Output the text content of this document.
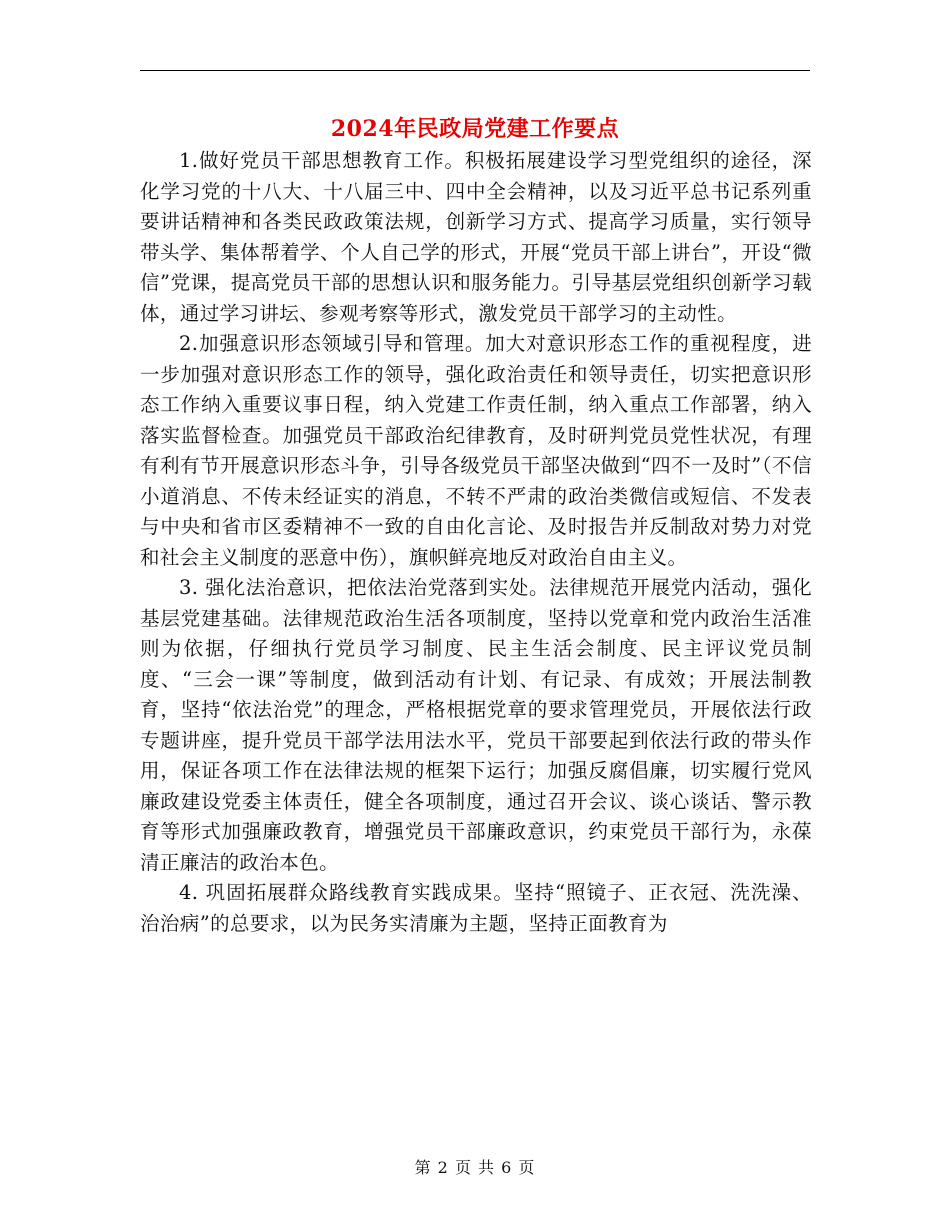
2024年民政局党建工作要点

1.做好党员干部思想教育工作。积极拓展建设学习型党组织的途径，深化学习党的十八大、十八届三中、四中全会精神，以及习近平总书记系列重要讲话精神和各类民政政策法规，创新学习方式、提高学习质量，实行领导带头学、集体帮着学、个人自己学的形式，开展“党员干部上讲台”，开设“微信”党课，提高党员干部的思想认识和服务能力。引导基层党组织创新学习载体，通过学习讲坛、参观考察等形式，激发党员干部学习的主动性。

2.加强意识形态领域引导和管理。加大对意识形态工作的重视程度，进一步加强对意识形态工作的领导，强化政治责任和领导责任，切实把意识形态工作纳入重要议事日程，纳入党建工作责任制，纳入重点工作部署，纳入落实监督检查。加强党员干部政治纪律教育，及时研判党员党性状况，有理有利有节开展意识形态斗争，引导各级党员干部坚决做到“四不一及时”（不信小道消息、不传未经证实的消息，不转不严肃的政治类微信或短信、不发表与中央和省市区委精神不一致的自由化言论、及时报告并反制敌对势力对党和社会主义制度的恶意中伤），旗帜鲜亮地反对政治自由主义。

3. 强化法治意识，把依法治党落到实处。法律规范开展党内活动，强化基层党建基础。法律规范政治生活各项制度，坚持以党章和党内政治生活准则为依据，仔细执行党员学习制度、民主生活会制度、民主评议党员制度、“三会一课”等制度，做到活动有计划、有记录、有成效；开展法制教育，坚持“依法治党”的理念，严格根据党章的要求管理党员，开展依法行政专题讲座，提升党员干部学法用法水平，党员干部要起到依法行政的带头作用，保证各项工作在法律法规的框架下运行；加强反腐倡廉，切实履行党风廉政建设党委主体责任，健全各项制度，通过召开会议、谈心谈话、警示教育等形式加强廉政教育，增强党员干部廉政意识，约束党员干部行为，永葆清正廉洁的政治本色。

4. 巩固拓展群众路线教育实践成果。坚持“照镜子、正衣冠、洗洗澡、治治病”的总要求，以为民务实清廉为主题，坚持正面教育为

第 2 页 共 6 页
